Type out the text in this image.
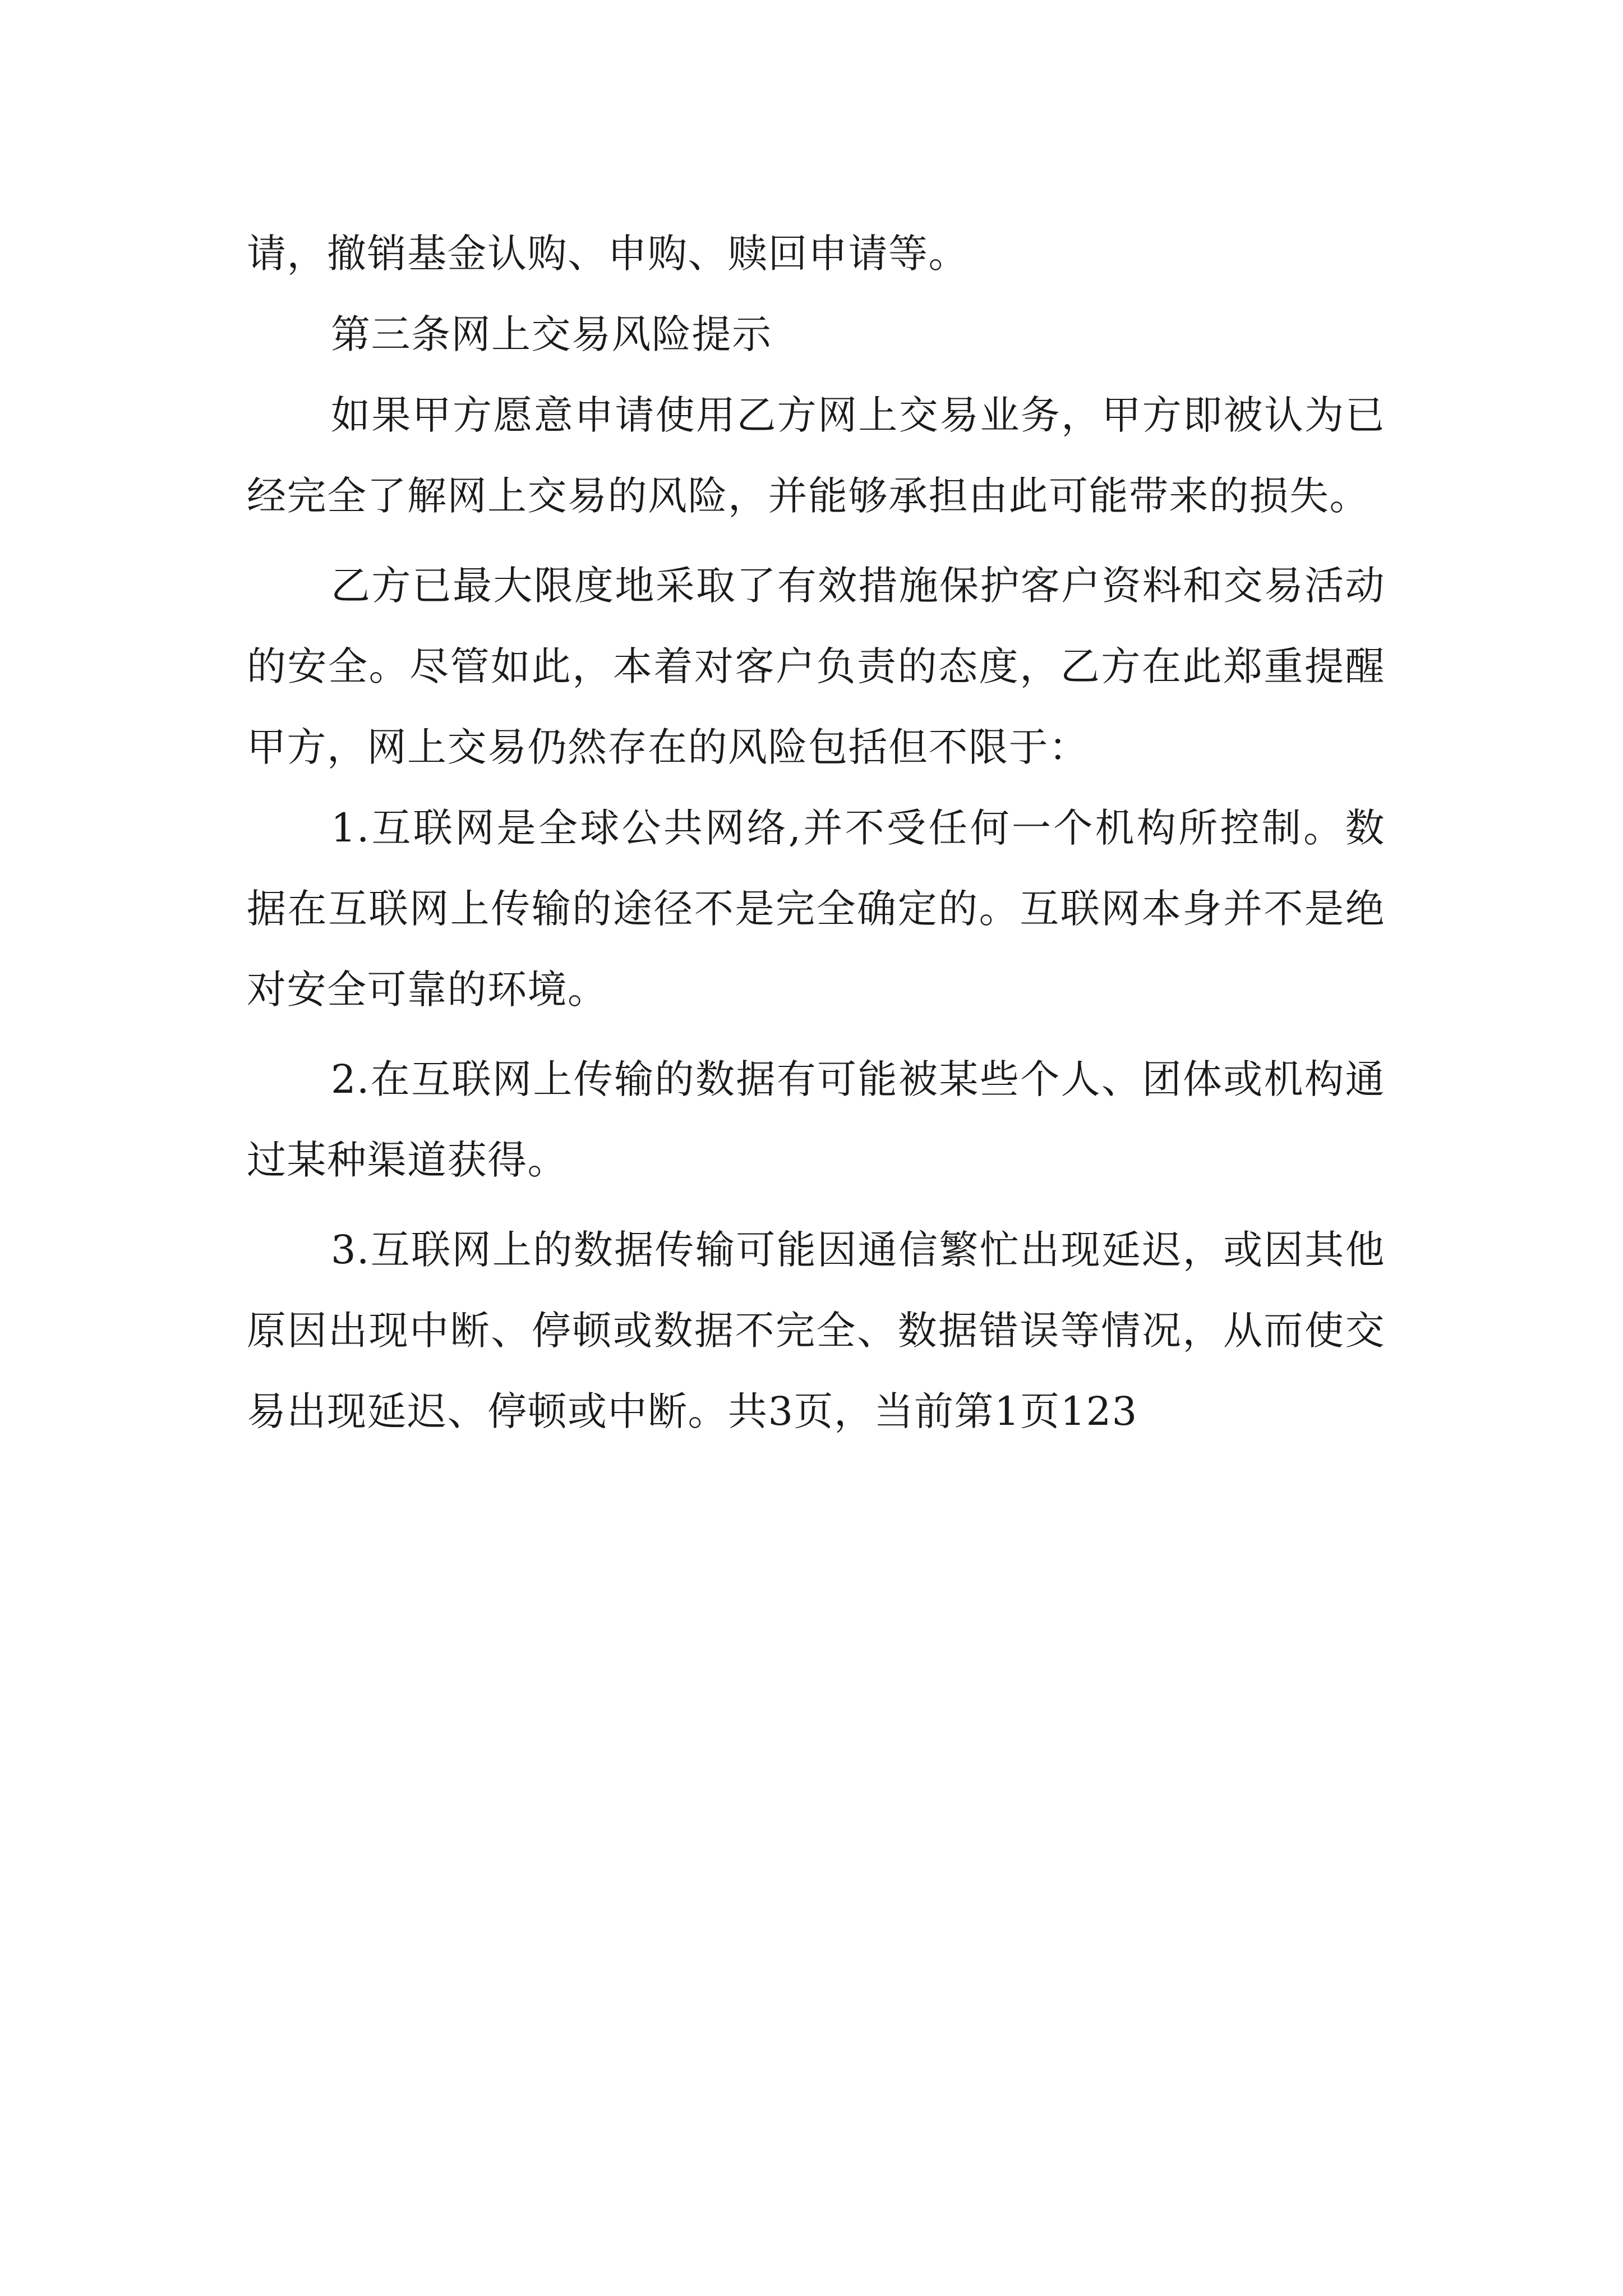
请，撤销基金认购、申购、赎回申请等。

第三条网上交易风险提示

如果甲方愿意申请使用乙方网上交易业务，甲方即被认为已经完全了解网上交易的风险，并能够承担由此可能带来的损失。

乙方已最大限度地采取了有效措施保护客户资料和交易活动的安全。尽管如此，本着对客户负责的态度，乙方在此郑重提醒甲方，网上交易仍然存在的风险包括但不限于：

1.互联网是全球公共网络,并不受任何一个机构所控制。数据在互联网上传输的途径不是完全确定的。互联网本身并不是绝对安全可靠的环境。

2.在互联网上传输的数据有可能被某些个人、团体或机构通过某种渠道获得。

3.互联网上的数据传输可能因通信繁忙出现延迟，或因其他原因出现中断、停顿或数据不完全、数据错误等情况，从而使交易出现延迟、停顿或中断。共3页，当前第1页123
